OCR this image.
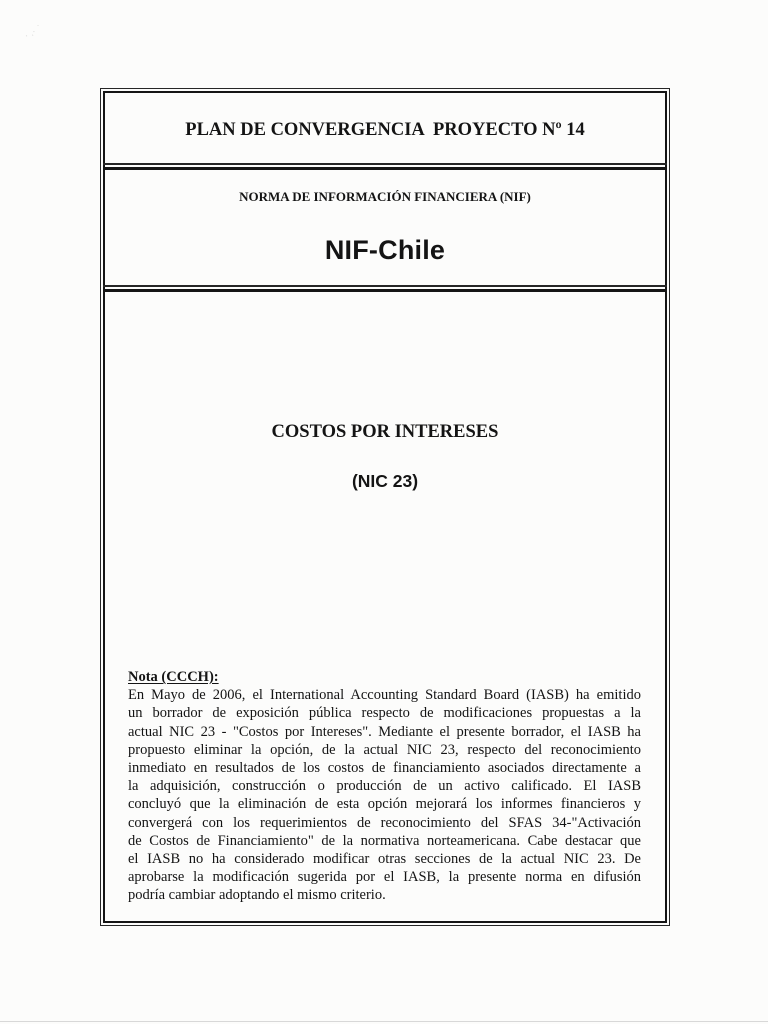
· .· ˙
PLAN DE CONVERGENCIA  PROYECTO Nº 14
NORMA DE INFORMACIÓN FINANCIERA (NIF)
NIF-Chile
COSTOS POR INTERESES
(NIC 23)
Nota (CCCH):
En Mayo de 2006, el International Accounting Standard Board (IASB) ha emitido
un borrador de exposición pública respecto de modificaciones propuestas a la
actual NIC 23 - "Costos por Intereses". Mediante el presente borrador, el IASB ha
propuesto eliminar la opción, de la actual NIC 23, respecto del reconocimiento
inmediato en resultados de los costos de financiamiento asociados directamente a
la adquisición, construcción o producción de un activo calificado. El IASB
concluyó que la eliminación de esta opción mejorará los informes financieros y
convergerá con los requerimientos de reconocimiento del SFAS 34-"Activación
de Costos de Financiamiento" de la normativa norteamericana. Cabe destacar que
el IASB no ha considerado modificar otras secciones de la actual NIC 23. De
aprobarse la modificación sugerida por el IASB, la presente norma en difusión
podría cambiar adoptando el mismo criterio.
